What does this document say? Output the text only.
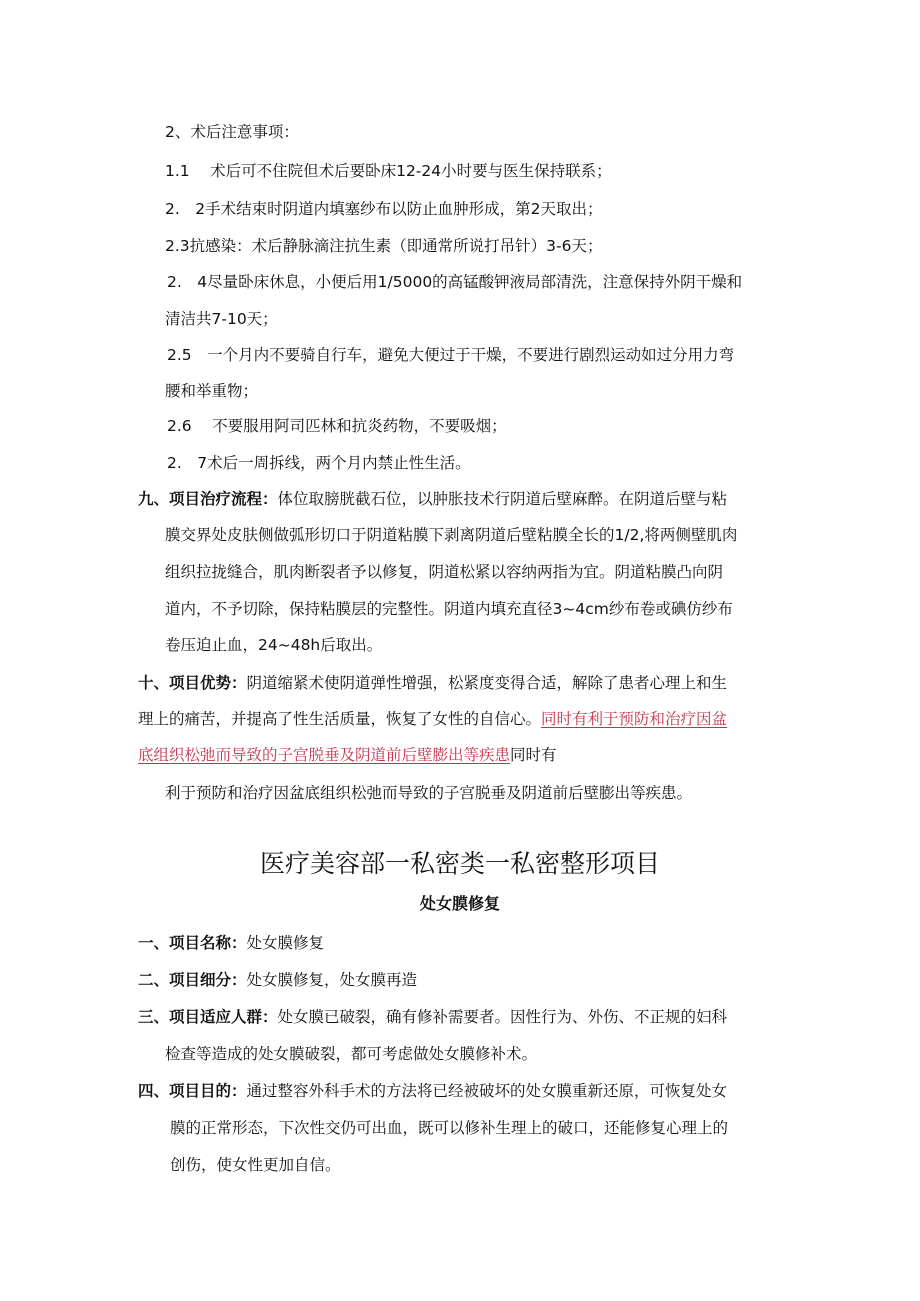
2、术后注意事项：
1.1　 术后可不住院但术后要卧床12-24小时要与医生保持联系；
2.　2手术结束时阴道内填塞纱布以防止血肿形成，第2天取出；
2.3抗感染：术后静脉滴注抗生素（即通常所说打吊针）3-6天；
2.　4尽量卧床休息，小便后用1/5000的高锰酸钾液局部清洗，注意保持外阴干燥和
清洁共7-10天；
2.5　一个月内不要骑自行车，避免大便过于干燥，不要进行剧烈运动如过分用力弯
腰和举重物；
2.6　 不要服用阿司匹林和抗炎药物，不要吸烟；
2.　7术后一周拆线，两个月内禁止性生活。
九、项目治疗流程：体位取膀胱截石位，以肿胀技术行阴道后壁麻醉。在阴道后壁与粘
膜交界处皮肤侧做弧形切口于阴道粘膜下剥离阴道后壁粘膜全长的1/2,将两侧壁肌肉
组织拉拢缝合，肌肉断裂者予以修复，阴道松紧以容纳两指为宜。阴道粘膜凸向阴
道内，不予切除，保持粘膜层的完整性。阴道内填充直径3~4cm纱布卷或碘仿纱布
卷压迫止血，24~48h后取出。
十、项目优势：阴道缩紧术使阴道弹性增强，松紧度变得合适，解除了患者心理上和生
理上的痛苦，并提高了性生活质量，恢复了女性的自信心。同时有利于预防和治疗因盆
底组织松弛而导致的子宫脱垂及阴道前后壁膨出等疾患同时有
利于预防和治疗因盆底组织松弛而导致的子宫脱垂及阴道前后壁膨出等疾患。
医疗美容部一私密类一私密整形项目
处女膜修复
一、项目名称：处女膜修复
二、项目细分：处女膜修复，处女膜再造
三、项目适应人群：处女膜已破裂，确有修补需要者。因性行为、外伤、不正规的妇科
检查等造成的处女膜破裂，都可考虑做处女膜修补术。
四、项目目的：通过整容外科手术的方法将已经被破坏的处女膜重新还原，可恢复处女
膜的正常形态，下次性交仍可出血，既可以修补生理上的破口，还能修复心理上的
创伤，使女性更加自信。
